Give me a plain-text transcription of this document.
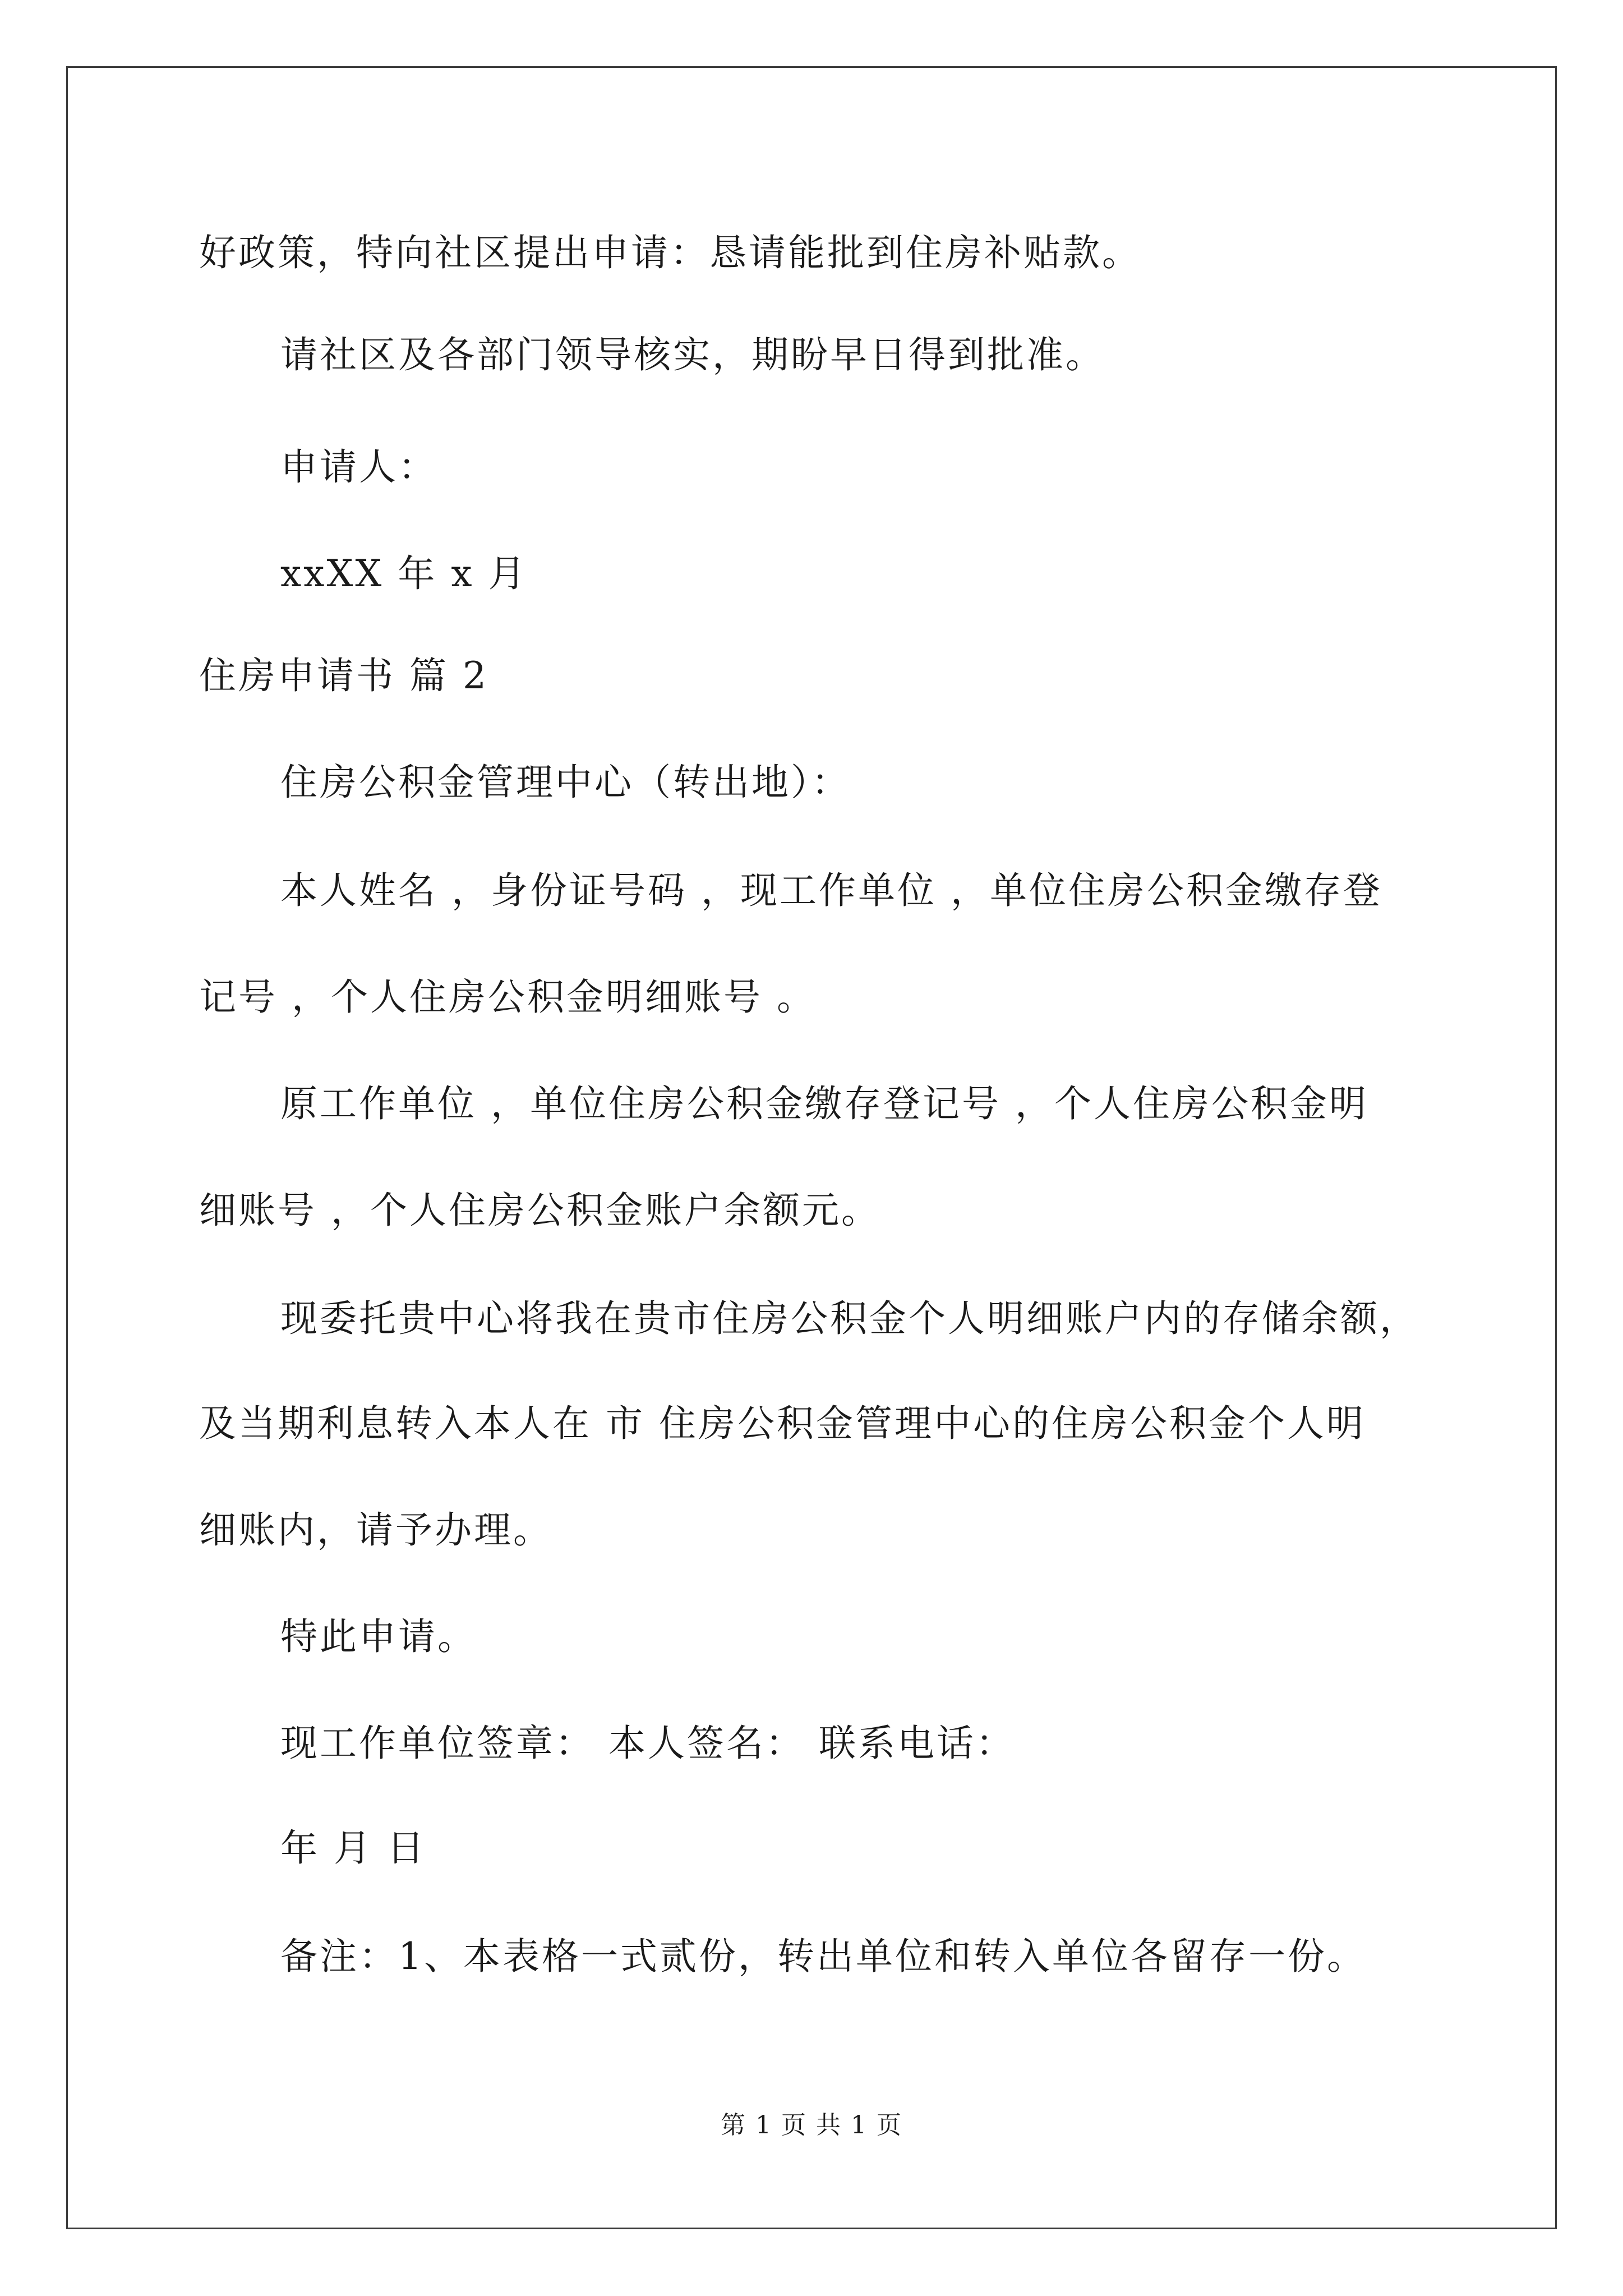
好政策，特向社区提出申请：恳请能批到住房补贴款。
请社区及各部门领导核实，期盼早日得到批准。
申请人：
xxXX 年 x 月
住房申请书 篇 2
住房公积金管理中心（转出地）：
本人姓名 ，身份证号码 ，现工作单位 ，单位住房公积金缴存登
记号 ，个人住房公积金明细账号 。
原工作单位 ，单位住房公积金缴存登记号 ，个人住房公积金明
细账号 ，个人住房公积金账户余额元。
现委托贵中心将我在贵市住房公积金个人明细账户内的存储余额，
及当期利息转入本人在 市 住房公积金管理中心的住房公积金个人明
细账内，请予办理。
特此申请。
现工作单位签章： 本人签名： 联系电话：
年 月 日
备注：1、本表格一式贰份，转出单位和转入单位各留存一份。
第 1 页 共 1 页
